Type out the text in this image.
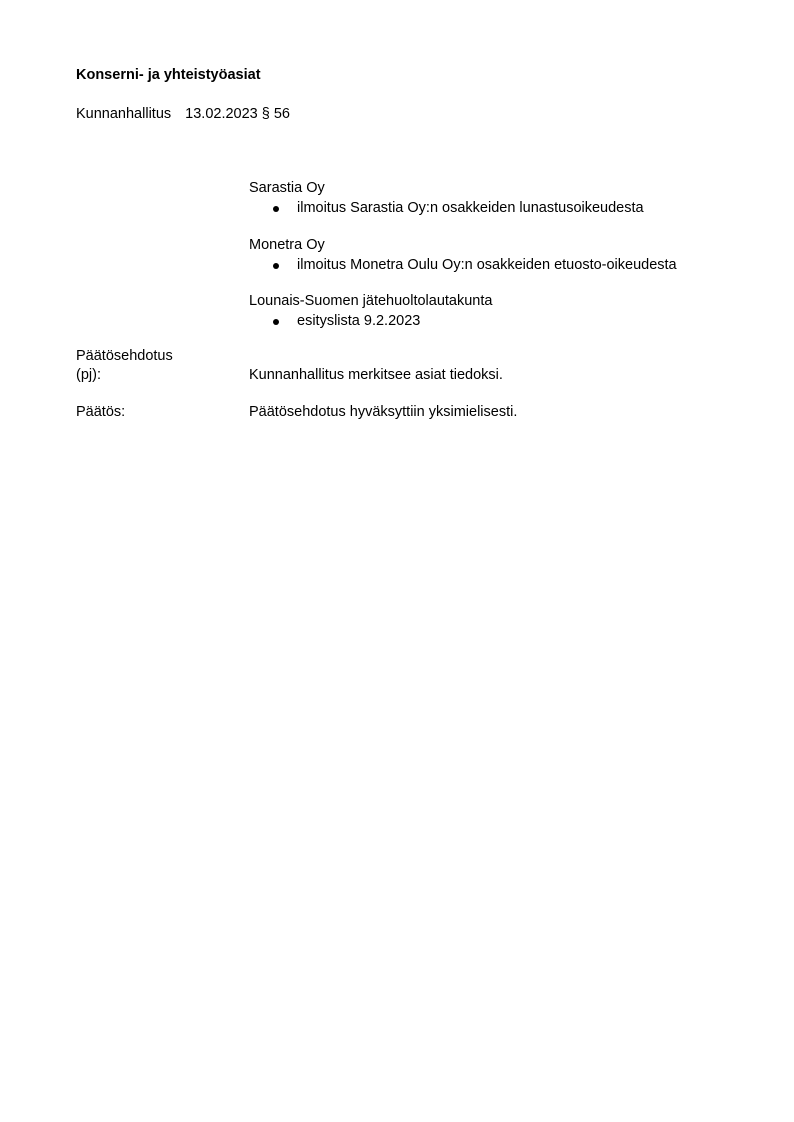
Konserni- ja yhteistyöasiat
Kunnanhallitus 13.02.2023 § 56
Sarastia Oy
ilmoitus Sarastia Oy:n osakkeiden lunastusoikeudesta
Monetra Oy
ilmoitus Monetra Oulu Oy:n osakkeiden etuosto-oikeudesta
Lounais-Suomen jätehuoltolautakunta
esityslista 9.2.2023
Päätösehdotus
(pj):	Kunnanhallitus merkitsee asiat tiedoksi.
Päätös:	Päätösehdotus hyväksyttiin yksimielisesti.
